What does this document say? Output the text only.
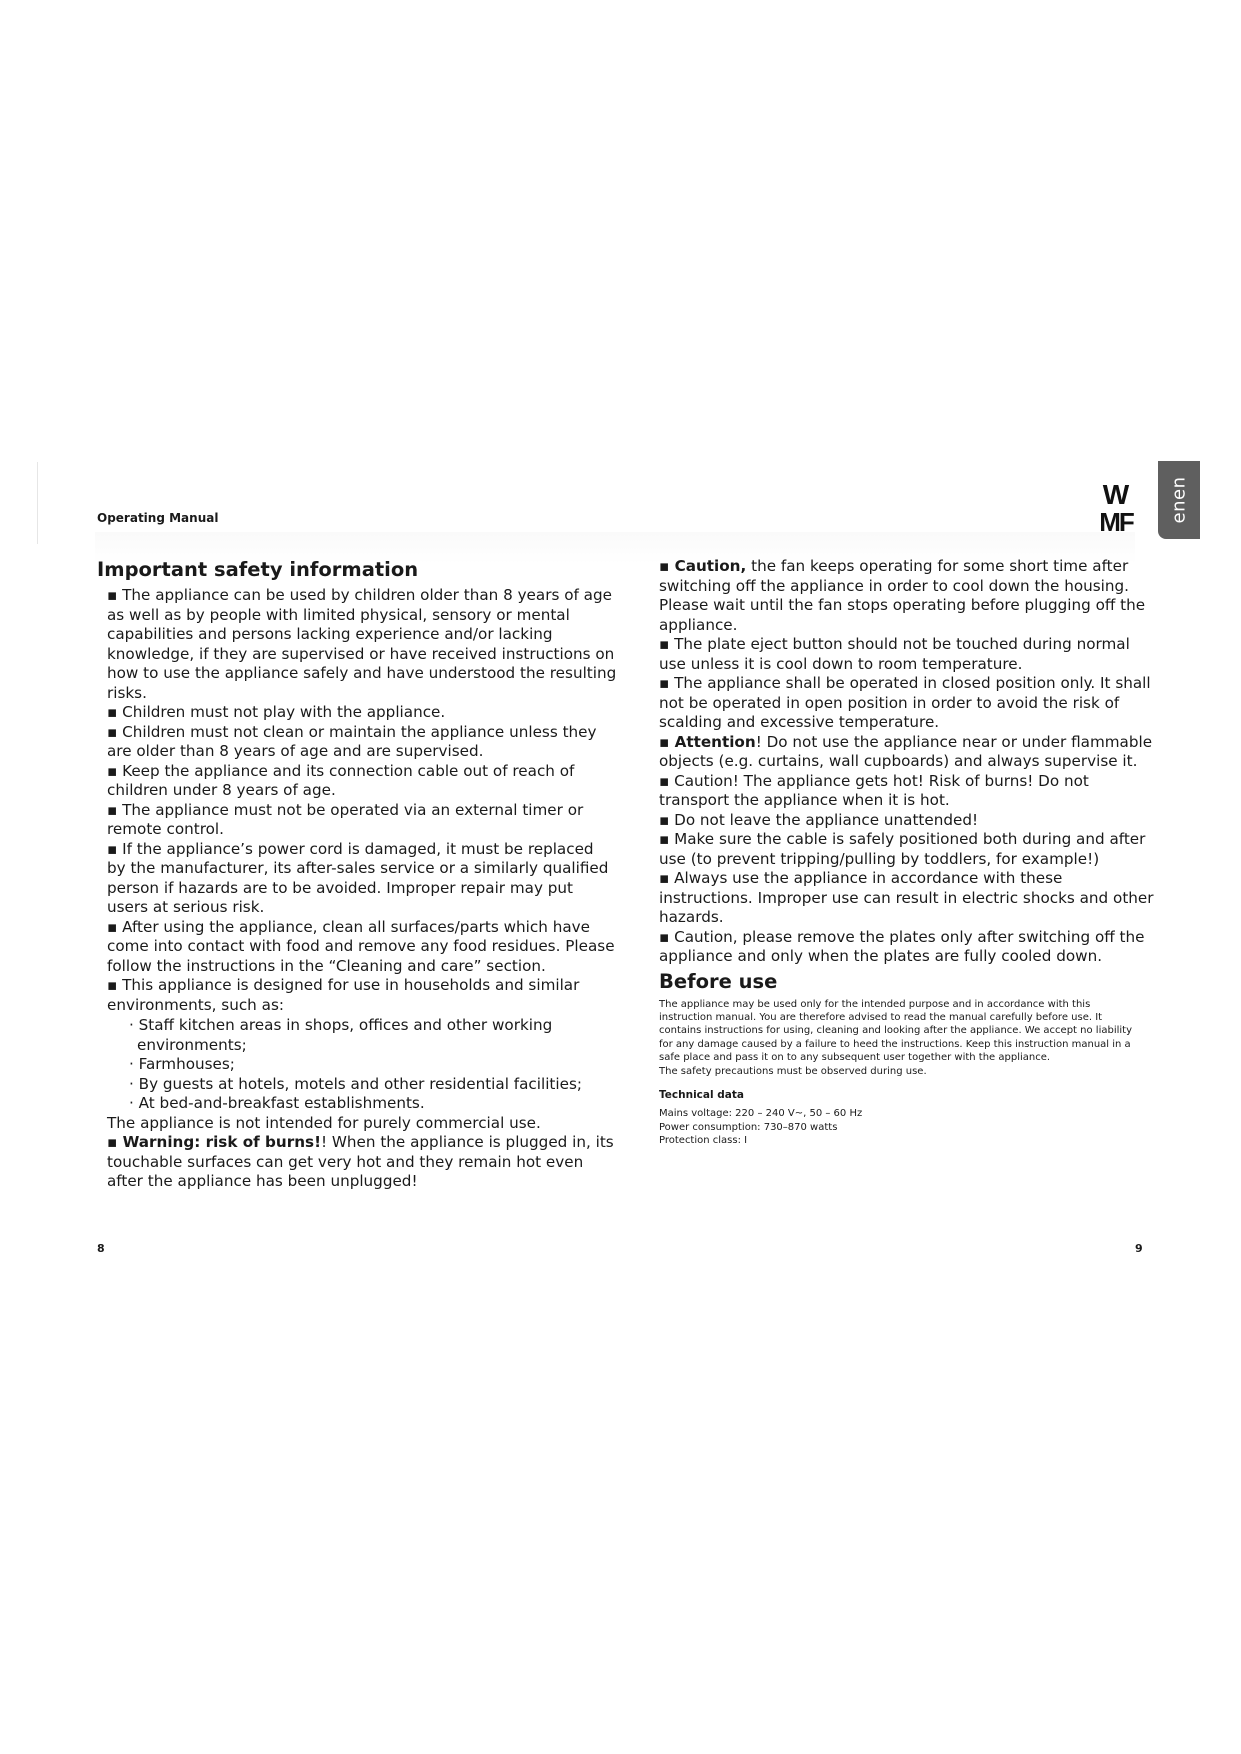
Operating Manual
W
MF enen
Important safety information

▪ The appliance can be used by children older than 8 years of age as well as by people with limited physical, sensory or mental capabilities and persons lacking experience and/or lacking knowledge, if they are supervised or have received instructions on how to use the appliance safely and have understood the resulting risks.

▪ Children must not play with the appliance.

▪ Children must not clean or maintain the appliance unless they are older than 8 years of age and are supervised.

▪ Keep the appliance and its connection cable out of reach of children under 8 years of age.

▪ The appliance must not be operated via an external timer or remote control.

▪ If the appliance’s power cord is damaged, it must be replaced by the manufacturer, its after-sales service or a similarly qualified person if hazards are to be avoided. Improper repair may put users at serious risk.

▪ After using the appliance, clean all surfaces/parts which have come into contact with food and remove any food residues. Please follow the instructions in the “Cleaning and care” section.

▪ This appliance is designed for use in households and similar environments, such as:

· Staff kitchen areas in shops, offices and other working environments;

· Farmhouses;

· By guests at hotels, motels and other residential facilities;

· At bed-and-breakfast establishments.

The appliance is not intended for purely commercial use.

▪ Warning: risk of burns!! When the appliance is plugged in, its touchable surfaces can get very hot and they remain hot even after the appliance has been unplugged!

▪ Caution, the fan keeps operating for some short time after switching off the appliance in order to cool down the housing. Please wait until the fan stops operating before plugging off the appliance.

▪ The plate eject button should not be touched during normal use unless it is cool down to room temperature.

▪ The appliance shall be operated in closed position only. It shall not be operated in open position in order to avoid the risk of scalding and excessive temperature.

▪ Attention! Do not use the appliance near or under flammable objects (e.g. curtains, wall cupboards) and always supervise it.

▪ Caution! The appliance gets hot! Risk of burns! Do not transport the appliance when it is hot.

▪ Do not leave the appliance unattended!

▪ Make sure the cable is safely positioned both during and after use (to prevent tripping/pulling by toddlers, for example!)

▪ Always use the appliance in accordance with these instructions. Improper use can result in electric shocks and other hazards.

▪ Caution, please remove the plates only after switching off the appliance and only when the plates are fully cooled down.

Before use

The appliance may be used only for the intended purpose and in accordance with this instruction manual. You are therefore advised to read the manual carefully before use. It contains instructions for using, cleaning and looking after the appliance. We accept no liability for any damage caused by a failure to heed the instructions. Keep this instruction manual in a safe place and pass it on to any subsequent user together with the appliance.

The safety precautions must be observed during use.

Technical data

Mains voltage: 220 – 240 V~, 50 – 60 Hz

Power consumption: 730–870 watts

Protection class: I

8	9
